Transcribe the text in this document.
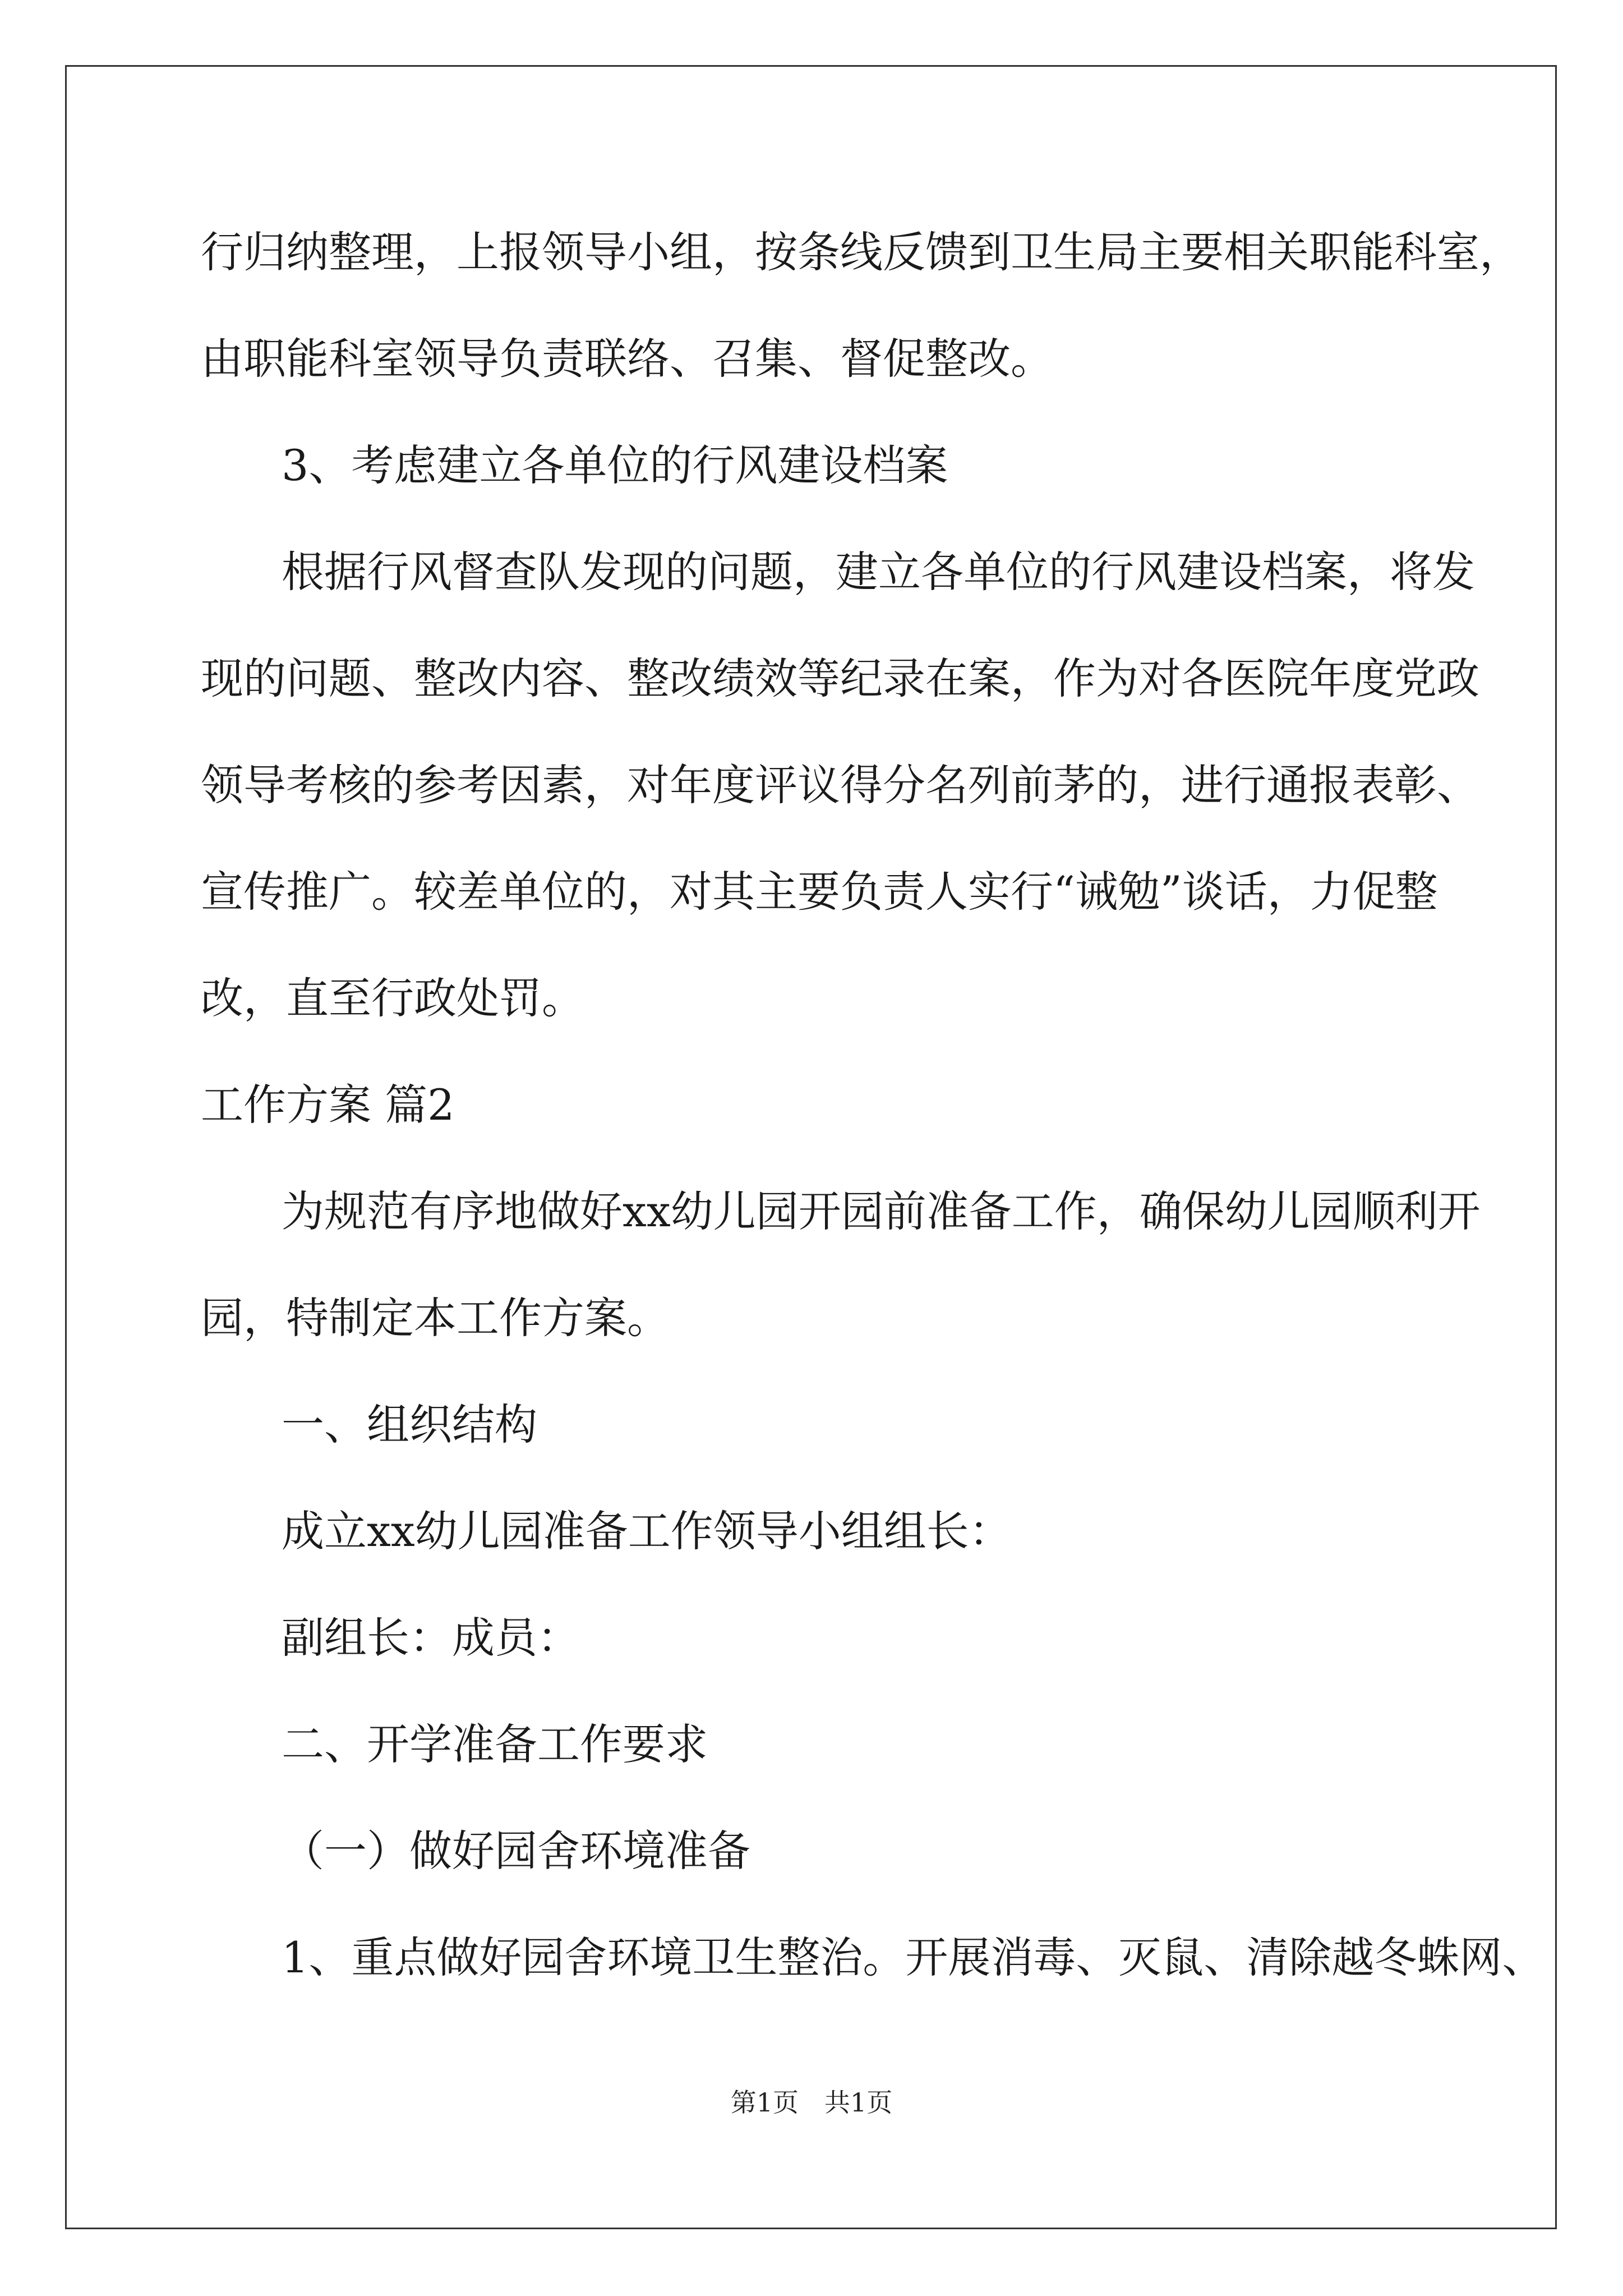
行归纳整理，上报领导小组，按条线反馈到卫生局主要相关职能科室，
由职能科室领导负责联络、召集、督促整改。
3、考虑建立各单位的行风建设档案
根据行风督查队发现的问题，建立各单位的行风建设档案，将发
现的问题、整改内容、整改绩效等纪录在案，作为对各医院年度党政
领导考核的参考因素，对年度评议得分名列前茅的，进行通报表彰、
宣传推广。较差单位的，对其主要负责人实行“诫勉”谈话，力促整
改，直至行政处罚。
工作方案 篇2
为规范有序地做好xx幼儿园开园前准备工作，确保幼儿园顺利开
园，特制定本工作方案。
一、组织结构
成立xx幼儿园准备工作领导小组组长：
副组长：成员：
二、开学准备工作要求
（一）做好园舍环境准备
1、重点做好园舍环境卫生整治。开展消毒、灭鼠、清除越冬蛛网、
第1页　共1页
